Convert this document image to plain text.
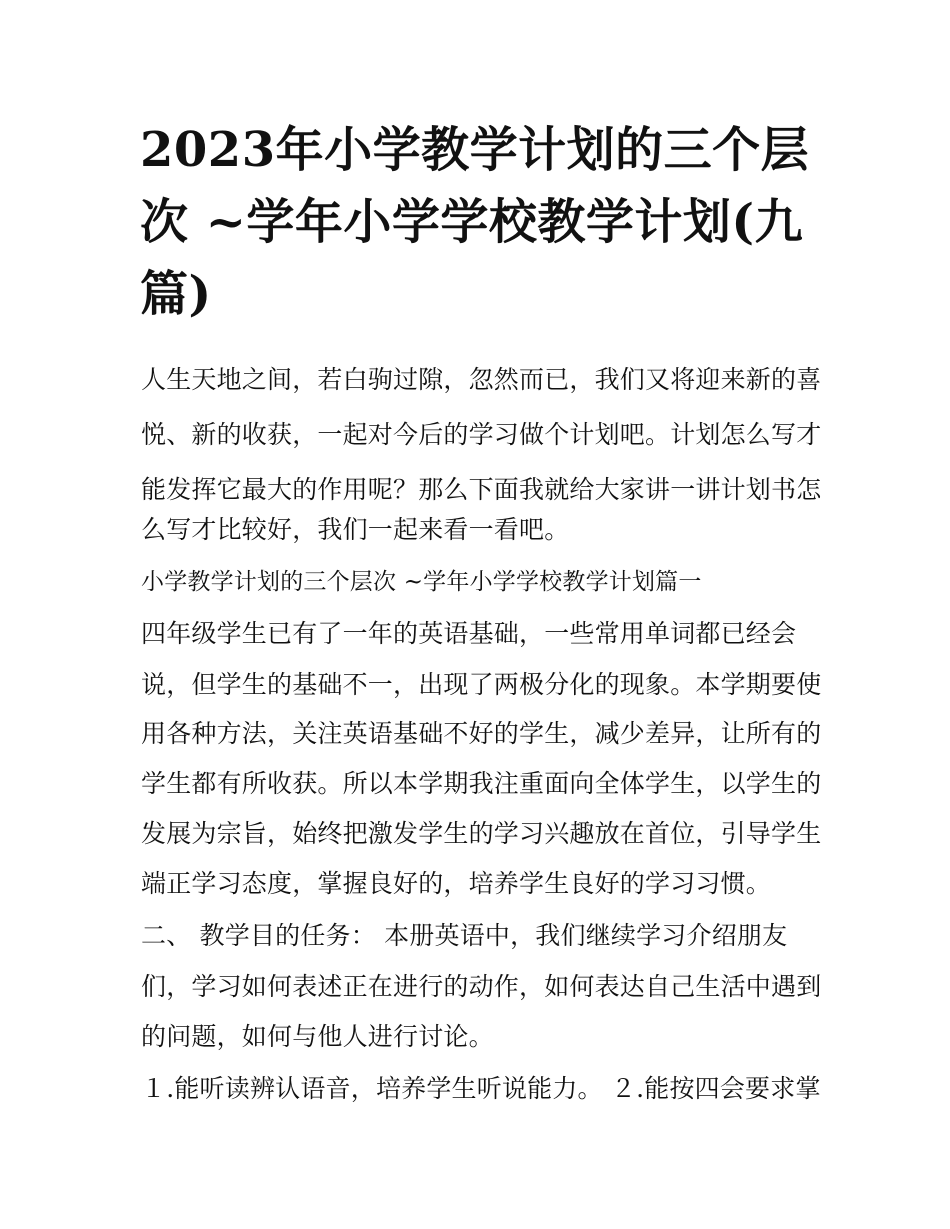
2023年小学教学计划的三个层次 ~学年小学学校教学计划(九篇)

人生天地之间，若白驹过隙，忽然而已，我们又将迎来新的喜

悦、新的收获，一起对今后的学习做个计划吧。计划怎么写才

能发挥它最大的作用呢？那么下面我就给大家讲一讲计划书怎

么写才比较好，我们一起来看一看吧。

小学教学计划的三个层次 ~学年小学学校教学计划篇一

四年级学生已有了一年的英语基础，一些常用单词都已经会

说，但学生的基础不一，出现了两极分化的现象。本学期要使

用各种方法，关注英语基础不好的学生，减少差异，让所有的

学生都有所收获。所以本学期我注重面向全体学生，以学生的

发展为宗旨，始终把激发学生的学习兴趣放在首位，引导学生

端正学习态度，掌握良好的，培养学生良好的学习习惯。

二、 教学目的任务： 本册英语中，我们继续学习介绍朋友

们，学习如何表述正在进行的动作，如何表达自己生活中遇到

的问题，如何与他人进行讨论。

１.能听读辨认语音，培养学生听说能力。 ２.能按四会要求掌
